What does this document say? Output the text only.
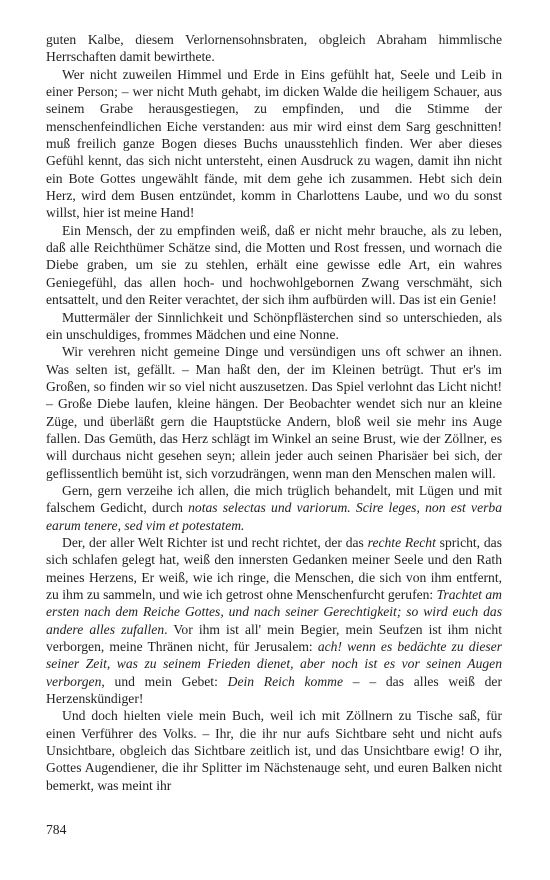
guten Kalbe, diesem Verlornensohnsbraten, obgleich Abraham himmlische Herrschaften damit bewirthete.

Wer nicht zuweilen Himmel und Erde in Eins gefühlt hat, Seele und Leib in einer Person; – wer nicht Muth gehabt, im dicken Walde die heiligem Schauer, aus seinem Grabe herausgestiegen, zu empfinden, und die Stimme der menschenfeindlichen Eiche verstanden: aus mir wird einst dem Sarg geschnitten! muß freilich ganze Bogen dieses Buchs unausstehlich finden. Wer aber dieses Gefühl kennt, das sich nicht untersteht, einen Ausdruck zu wagen, damit ihn nicht ein Bote Gottes ungewählt fände, mit dem gehe ich zusammen. Hebt sich dein Herz, wird dem Busen entzündet, komm in Charlottens Laube, und wo du sonst willst, hier ist meine Hand!

Ein Mensch, der zu empfinden weiß, daß er nicht mehr brauche, als zu leben, daß alle Reichthümer Schätze sind, die Motten und Rost fressen, und wornach die Diebe graben, um sie zu stehlen, erhält eine gewisse edle Art, ein wahres Geniegefühl, das allen hoch- und hochwohlgebornen Zwang verschmäht, sich entsattelt, und den Reiter verachtet, der sich ihm aufbürden will. Das ist ein Genie!

Muttermäler der Sinnlichkeit und Schönpflästerchen sind so unterschieden, als ein unschuldiges, frommes Mädchen und eine Nonne.

Wir verehren nicht gemeine Dinge und versündigen uns oft schwer an ihnen. Was selten ist, gefällt. – Man haßt den, der im Kleinen betrügt. Thut er's im Großen, so finden wir so viel nicht auszusetzen. Das Spiel verlohnt das Licht nicht! – Große Diebe laufen, kleine hängen. Der Beobachter wendet sich nur an kleine Züge, und überläßt gern die Hauptstücke Andern, bloß weil sie mehr ins Auge fallen. Das Gemüth, das Herz schlägt im Winkel an seine Brust, wie der Zöllner, es will durchaus nicht gesehen seyn; allein jeder auch seinen Pharisäer bei sich, der geflissentlich bemüht ist, sich vorzudrängen, wenn man den Menschen malen will.

Gern, gern verzeihe ich allen, die mich trüglich behandelt, mit Lügen und mit falschem Gedicht, durch notas selectas und variorum. Scire leges, non est verba earum tenere, sed vim et potestatem.

Der, der aller Welt Richter ist und recht richtet, der das rechte Recht spricht, das sich schlafen gelegt hat, weiß den innersten Gedanken meiner Seele und den Rath meines Herzens, Er weiß, wie ich ringe, die Menschen, die sich von ihm entfernt, zu ihm zu sammeln, und wie ich getrost ohne Menschenfurcht gerufen: Trachtet am ersten nach dem Reiche Gottes, und nach seiner Gerechtigkeit; so wird euch das andere alles zufallen. Vor ihm ist all' mein Begier, mein Seufzen ist ihm nicht verborgen, meine Thränen nicht, für Jerusalem: ach! wenn es bedächte zu dieser seiner Zeit, was zu seinem Frieden dienet, aber noch ist es vor seinen Augen verborgen, und mein Gebet: Dein Reich komme – – das alles weiß der Herzenskündiger!

Und doch hielten viele mein Buch, weil ich mit Zöllnern zu Tische saß, für einen Verführer des Volks. – Ihr, die ihr nur aufs Sichtbare seht und nicht aufs Unsichtbare, obgleich das Sichtbare zeitlich ist, und das Unsichtbare ewig! O ihr, Gottes Augendiener, die ihr Splitter im Nächstenauge seht, und euren Balken nicht bemerkt, was meint ihr

784
